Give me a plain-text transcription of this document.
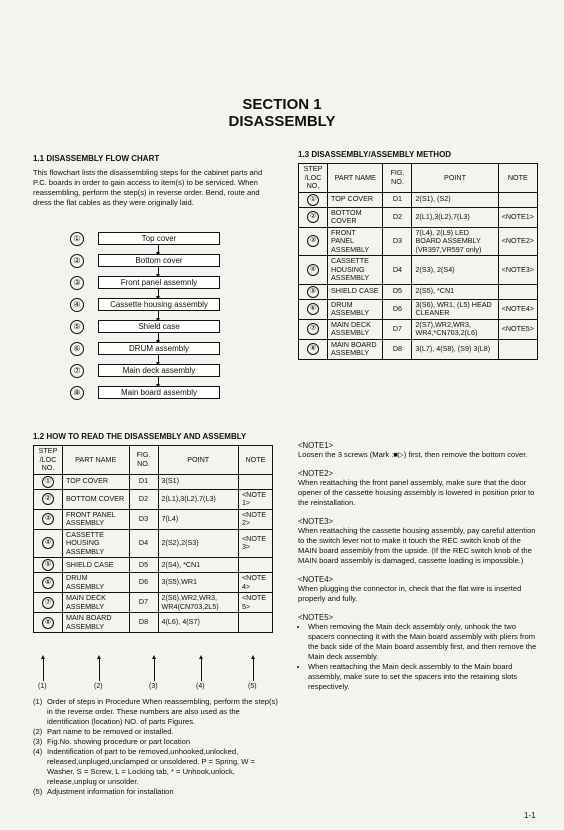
SECTION 1
DISASSEMBLY
1.1 DISASSEMBLY FLOW CHART
This flowchart lists the disassembling steps for the cabinet parts and P.C. boards in order to gain access to item(s) to be serviced. When reassembling, perform the step(s) in reverse order. Bend, route and dress the flat cables as they were originally laid.
①	Top cover
②	Bottom cover
③	Front panel assemnly
④	Cassette housing assembly
⑤	Shield case
⑥	DRUM assembly
⑦	Main deck assembly
⑧	Main board assembly
1.2 HOW TO READ THE DISASSEMBLY AND ASSEMBLY
STEP /LOC NO.	PART NAME	FIG. NO.	POINT	NOTE
①	TOP COVER	D1	3(S1)	
②	BOTTOM COVER	D2	2(L1),3(L2),7(L3)	<NOTE 1>
③	FRONT PANEL ASSEMBLY	D3	7(L4)	<NOTE 2>
④	CASSETTE HOUSING ASSEMBLY	D4	2(S2),2(S3)	<NOTE 3>
⑤	SHIELD CASE	D5	2(S4), *CN1	
⑥	DRUM ASSEMBLY	D6	3(S5),WR1	<NOTE 4>
⑦	MAIN DECK ASSEMBLY	D7	2(S6),WR2,WR3, WR4(CN703,2L5)	<NOTE 5>
⑧	MAIN BOARD ASSEMBLY	D8	4(L6), 4(S7)	
(1)	(2)	(3)	(4)	(5)
(1) Order of steps in Procedure When reassembling, perform the step(s) in the reverse order. These numbers are also used as the identification (location) NO. of parts Figures.
(2) Part name to be removed or installed.
(3) Fig.No. showing procedure or part location
(4) Indentification of part to be removed,unhooked,unlocked, released,unpluged,unclamped or unsoldered. P = Spring, W = Washer, S = Screw, L = Locking tab, * = Unhook,unlock, release,unplug or unsolder.
(5) Adjustment information for installation
1.3 DISASSEMBLY/ASSEMBLY METHOD
STEP /LOC NO.	PART NAME	FIG. NO.	POINT	NOTE
①	TOP COVER	D1	2(S1), (S2)	
②	BOTTOM COVER	D2	2(L1),3(L2),7(L3)	<NOTE1>
③	FRONT PANEL ASSEMBLY	D3	7(L4), 2(L9) LED BOARD ASSEMBLY (VR397,VR597 only)	<NOTE2>
④	CASSETTE HOUSING ASSEMBLY	D4	2(S3), 2(S4)	<NOTE3>
⑤	SHIELD CASE	D5	2(S5), *CN1	
⑥	DRUM ASSEMBLY	D6	3(S6), WR1, (L5) HEAD CLEANER	<NOTE4>
⑦	MAIN DECK ASSEMBLY	D7	2(S7),WR2,WR3, WR4,*CN703,2(L6)	<NOTE5>
⑧	MAIN BOARD ASSEMBLY	D8	3(L7), 4(S8), (S9) 3(L8)	
<NOTE1>
Loosen the 3 screws (Mark :■▷) first, then remove the bottom cover.
<NOTE2>
When reattaching the front panel assembly, make sure that the door opener of the cassette housing assembly is lowered in position prior to the reinstallation.
<NOTE3>
When reattaching the cassette housing assembly, pay careful attention to the switch lever not to make it touch the REC switch knob of the MAIN board assembly from the upside. (If the REC switch knob of the MAIN board assembly is damaged, cassette loading is impossible.)
<NOTE4>
When plugging the connector in, check that the flat wire is inserted properly and fully.
<NOTE5>
• When removing the Main deck assembly only, unhook the two spacers connecting it with the Main board assembly with pliers from the back side of the Main board assembly first, and then remove the Main deck assembly.
• When reattaching the Main deck assembly to the Main board assembly, make sure to set the spacers into the retaining slots respectively.
1-1
